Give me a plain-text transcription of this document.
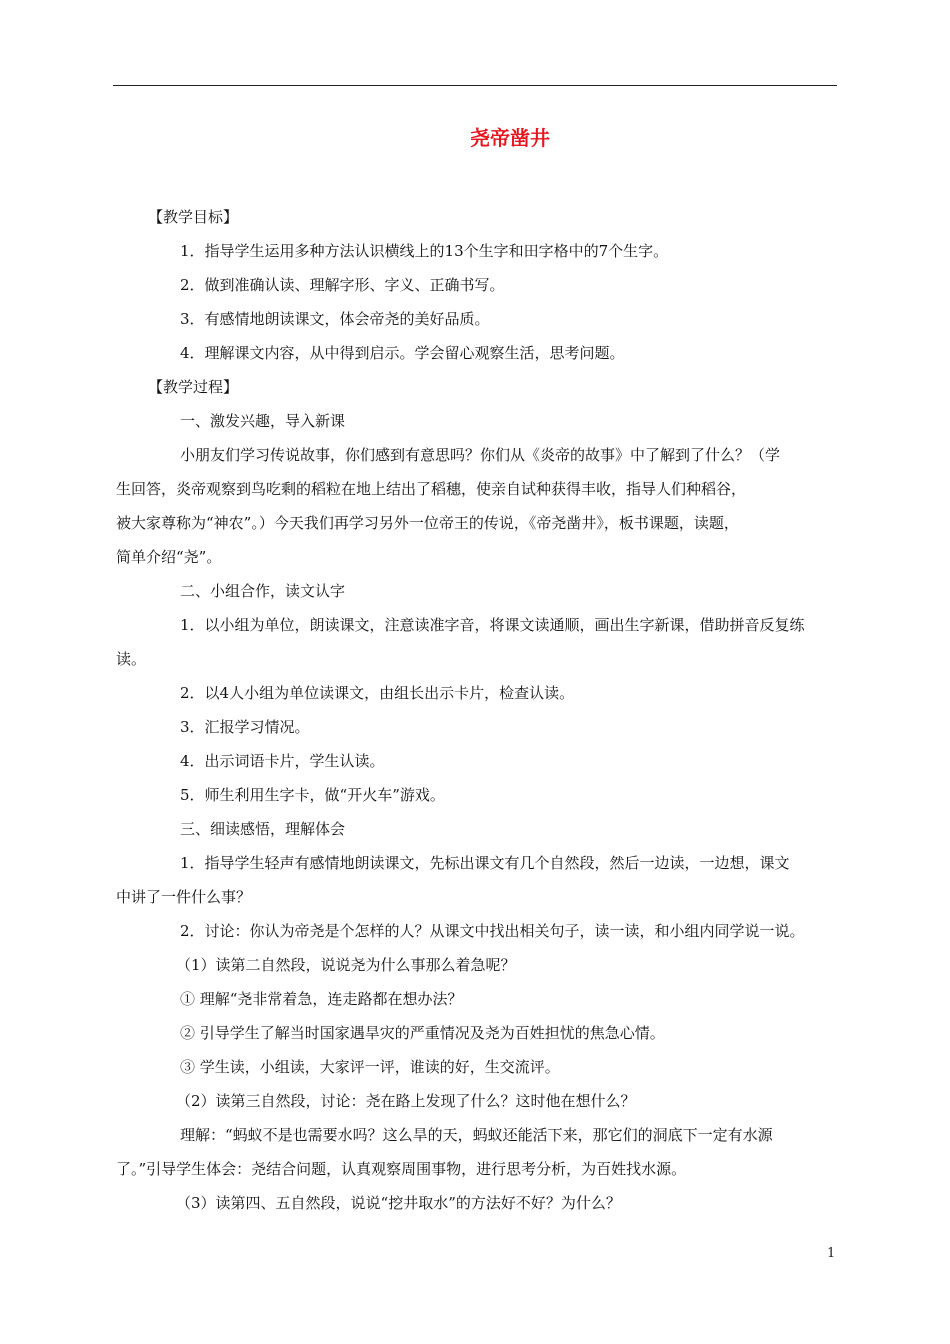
尧帝凿井
【教学目标】
1．指导学生运用多种方法认识横线上的13个生字和田字格中的7个生字。
2．做到准确认读、理解字形、字义、正确书写。
3．有感情地朗读课文，体会帝尧的美好品质。
4．理解课文内容，从中得到启示。学会留心观察生活，思考问题。
【教学过程】
一、激发兴趣，导入新课
小朋友们学习传说故事，你们感到有意思吗？你们从《炎帝的故事》中了解到了什么？（学
生回答，炎帝观察到鸟吃剩的稻粒在地上结出了稻穗，使亲自试种获得丰收，指导人们种稻谷，
被大家尊称为“神农”。）今天我们再学习另外一位帝王的传说，《帝尧凿井》，板书课题，读题，
简单介绍“尧”。
二、小组合作，读文认字
1．以小组为单位，朗读课文，注意读准字音，将课文读通顺，画出生字新课，借助拼音反复练
读。
2．以4人小组为单位读课文，由组长出示卡片，检查认读。
3．汇报学习情况。
4．出示词语卡片，学生认读。
5．师生利用生字卡，做“开火车”游戏。
三、细读感悟，理解体会
1．指导学生轻声有感情地朗读课文，先标出课文有几个自然段，然后一边读，一边想，课文
中讲了一件什么事？
2．讨论：你认为帝尧是个怎样的人？从课文中找出相关句子，读一读，和小组内同学说一说。
（1）读第二自然段，说说尧为什么事那么着急呢？
① 理解“尧非常着急，连走路都在想办法？
② 引导学生了解当时国家遇旱灾的严重情况及尧为百姓担忧的焦急心情。
③ 学生读，小组读，大家评一评，谁读的好，生交流评。
（2）读第三自然段，讨论：尧在路上发现了什么？这时他在想什么？
理解：“蚂蚁不是也需要水吗？这么旱的天，蚂蚁还能活下来，那它们的洞底下一定有水源
了。”引导学生体会：尧结合问题，认真观察周围事物，进行思考分析，为百姓找水源。
（3）读第四、五自然段，说说“挖井取水”的方法好不好？为什么？
1
